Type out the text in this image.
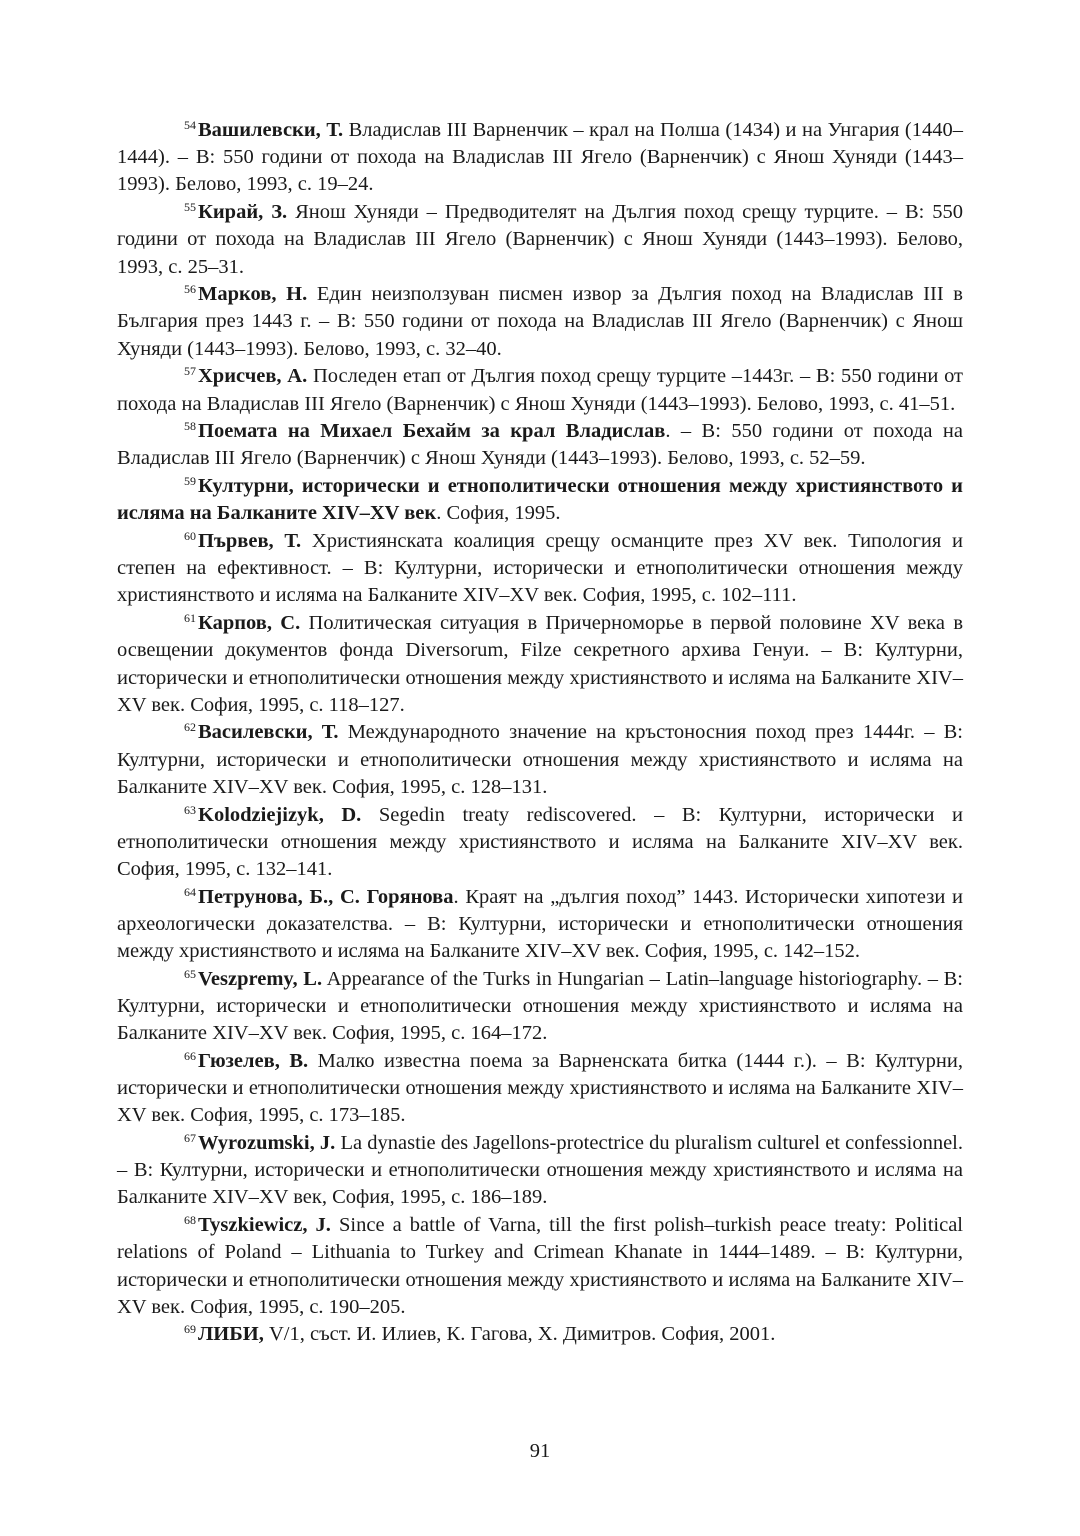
$^{54}$Вашилевски, Т. Владислав III Варненчик – крал на Полша (1434) и на Унгария (1440–1444). – В: 550 години от похода на Владислав III Ягело (Варненчик) с Янош Хуняди (1443–1993). Белово, 1993, с. 19–24.

$^{55}$Кирай, З. Янош Хуняди – Предводителят на Дългия поход срещу турците. – В: 550 години от похода на Владислав III Ягело (Варненчик) с Янош Хуняди (1443–1993). Белово, 1993, с. 25–31.

$^{56}$Марков, Н. Един неизползуван писмен извор за Дългия поход на Владислав III в България през 1443 г. – В: 550 години от похода на Владислав III Ягело (Варненчик) с Янош Хуняди (1443–1993). Белово, 1993, с. 32–40.

$^{57}$Хрисчев, А. Последен етап от Дългия поход срещу турците –1443г. – В: 550 години от похода на Владислав III Ягело (Варненчик) с Янош Хуняди (1443–1993). Белово, 1993, с. 41–51.

$^{58}$Поемата на Михаел Бехайм за крал Владислав. – В: 550 години от похода на Владислав III Ягело (Варненчик) с Янош Хуняди (1443–1993). Белово, 1993, с. 52–59.

$^{59}$Културни, исторически и етнополитически отношения между християнството и исляма на Балканите XIV–XV век. София, 1995.

$^{60}$Първев, Т. Християнската коалиция срещу османците през XV век. Типология и степен на ефективност. – В: Културни, исторически и етнополитически отношения между християнството и исляма на Балканите XIV–XV век. София, 1995, с. 102–111.

$^{61}$Карпов, С. Политическая ситуация в Причерноморье в первой половине XV века в освещении документов фонда Diversorum, Filze секретного архива Генуи. – В: Културни, исторически и етнополитически отношения между християнството и исляма на Балканите XIV–XV век. София, 1995, с. 118–127.

$^{62}$Василевски, Т. Международното значение на кръстоносния поход през 1444г. – В: Културни, исторически и етнополитически отношения между християнството и исляма на Балканите XIV–XV век. София, 1995, с. 128–131.

$^{63}$Kolodziejizyk, D. Segedin treaty rediscovered. – В: Културни, исторически и етнополитически отношения между християнството и исляма на Балканите XIV–XV век. София, 1995, с. 132–141.

$^{64}$Петрунова, Б., С. Горянова. Краят на „дългия поход” 1443. Исторически хипотези и археологически доказателства. – В: Културни, исторически и етнополитически отношения между християнството и исляма на Балканите XIV–XV век. София, 1995, с. 142–152.

$^{65}$Veszpremy, L. Appearance of the Turks in Hungarian – Latin–language historiography. – В: Културни, исторически и етнополитически отношения между християнството и исляма на Балканите XIV–XV век. София, 1995, с. 164–172.

$^{66}$Гюзелев, В. Малко известна поема за Варненската битка (1444 г.). – В: Културни, исторически и етнополитически отношения между християнството и исляма на Балканите XIV–XV век. София, 1995, с. 173–185.

$^{67}$Wyrozumski, J. La dynastie des Jagellons-protectrice du pluralism culturel et confessionnel. – В: Културни, исторически и етнополитически отношения между християнството и исляма на Балканите XIV–XV век, София, 1995, с. 186–189.

$^{68}$Tyszkiewicz, J. Since a battle of Varna, till the first polish–turkish peace treaty: Political relations of Poland – Lithuania to Turkey and Crimean Khanate in 1444–1489. – В: Културни, исторически и етнополитически отношения между християнството и исляма на Балканите XIV–XV век. София, 1995, с. 190–205.

$^{69}$ЛИБИ, V/1, съст. И. Илиев, К. Гагова, Х. Димитров. София, 2001.

91
